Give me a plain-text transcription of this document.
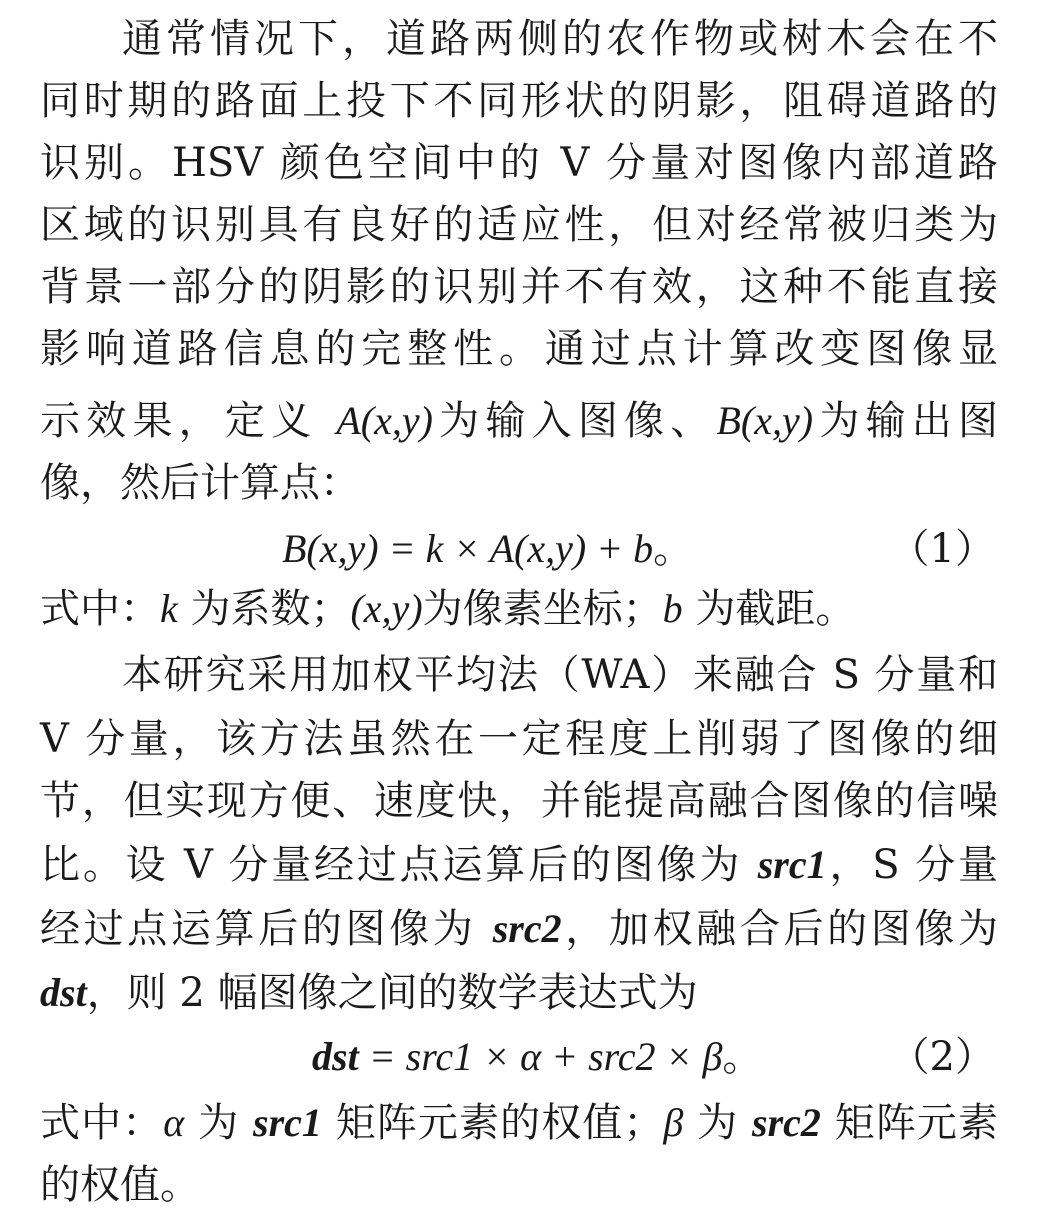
通常情况下，道路两侧的农作物或树木会在不
同时期的路面上投下不同形状的阴影，阻碍道路的
识别。HSV 颜色空间中的 V 分量对图像内部道路
区域的识别具有良好的适应性，但对经常被归类为
背景一部分的阴影的识别并不有效，这种不能直接
影响道路信息的完整性。通过点计算改变图像显
示效果，定义 A(x,y)为输入图像、B(x,y)为输出图
像，然后计算点：
B(x,y) = k × A(x,y) + b。	（1）
式中：k 为系数；(x,y)为像素坐标；b 为截距。
本研究采用加权平均法（WA）来融合 S 分量和
V 分量，该方法虽然在一定程度上削弱了图像的细
节，但实现方便、速度快，并能提高融合图像的信噪
比。设 V 分量经过点运算后的图像为 src1，S 分量
经过点运算后的图像为 src2，加权融合后的图像为
dst，则 2 幅图像之间的数学表达式为
dst = src1 × α + src2 × β。	（2）
式中：α 为 src1 矩阵元素的权值；β 为 src2 矩阵元素
的权值。
